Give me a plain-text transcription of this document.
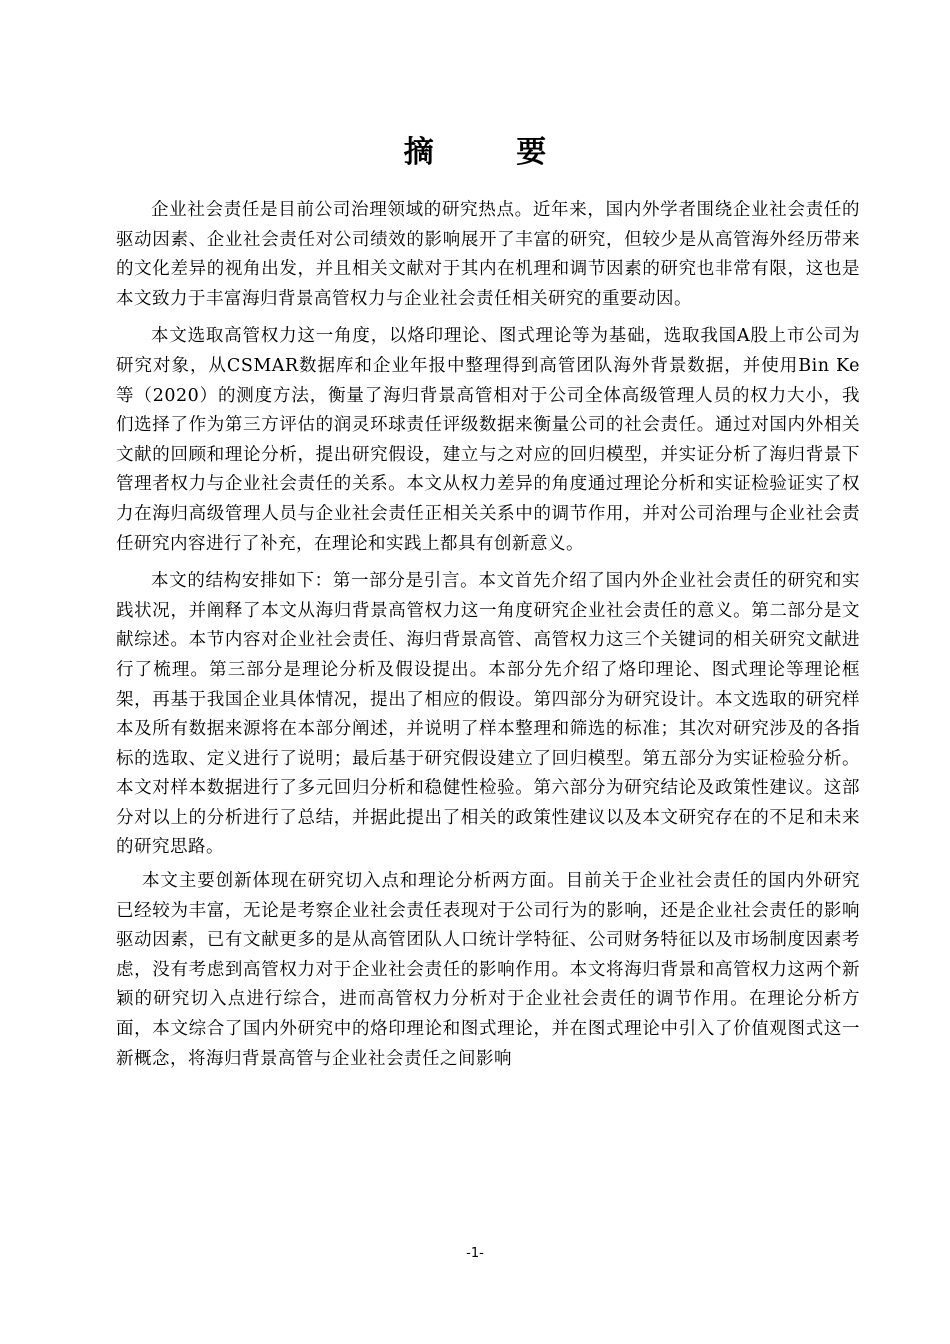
摘 要

企业社会责任是目前公司治理领域的研究热点。近年来，国内外学者围绕企业社会责任的驱动因素、企业社会责任对公司绩效的影响展开了丰富的研究，但较少是从高管海外经历带来的文化差异的视角出发，并且相关文献对于其内在机理和调节因素的研究也非常有限，这也是本文致力于丰富海归背景高管权力与企业社会责任相关研究的重要动因。

本文选取高管权力这一角度，以烙印理论、图式理论等为基础，选取我国A股上市公司为研究对象，从CSMAR数据库和企业年报中整理得到高管团队海外背景数据，并使用Bin Ke等（2020）的测度方法，衡量了海归背景高管相对于公司全体高级管理人员的权力大小，我们选择了作为第三方评估的润灵环球责任评级数据来衡量公司的社会责任。通过对国内外相关文献的回顾和理论分析，提出研究假设，建立与之对应的回归模型，并实证分析了海归背景下管理者权力与企业社会责任的关系。本文从权力差异的角度通过理论分析和实证检验证实了权力在海归高级管理人员与企业社会责任正相关关系中的调节作用，并对公司治理与企业社会责任研究内容进行了补充，在理论和实践上都具有创新意义。

本文的结构安排如下：第一部分是引言。本文首先介绍了国内外企业社会责任的研究和实践状况，并阐释了本文从海归背景高管权力这一角度研究企业社会责任的意义。第二部分是文献综述。本节内容对企业社会责任、海归背景高管、高管权力这三个关键词的相关研究文献进行了梳理。第三部分是理论分析及假设提出。本部分先介绍了烙印理论、图式理论等理论框架，再基于我国企业具体情况，提出了相应的假设。第四部分为研究设计。本文选取的研究样本及所有数据来源将在本部分阐述，并说明了样本整理和筛选的标准；其次对研究涉及的各指标的选取、定义进行了说明；最后基于研究假设建立了回归模型。第五部分为实证检验分析。本文对样本数据进行了多元回归分析和稳健性检验。第六部分为研究结论及政策性建议。这部分对以上的分析进行了总结，并据此提出了相关的政策性建议以及本文研究存在的不足和未来的研究思路。

本文主要创新体现在研究切入点和理论分析两方面。目前关于企业社会责任的国内外研究已经较为丰富，无论是考察企业社会责任表现对于公司行为的影响，还是企业社会责任的影响驱动因素，已有文献更多的是从高管团队人口统计学特征、公司财务特征以及市场制度因素考虑，没有考虑到高管权力对于企业社会责任的影响作用。本文将海归背景和高管权力这两个新颖的研究切入点进行综合，进而高管权力分析对于企业社会责任的调节作用。在理论分析方面，本文综合了国内外研究中的烙印理论和图式理论，并在图式理论中引入了价值观图式这一新概念，将海归背景高管与企业社会责任之间影响

-1-
